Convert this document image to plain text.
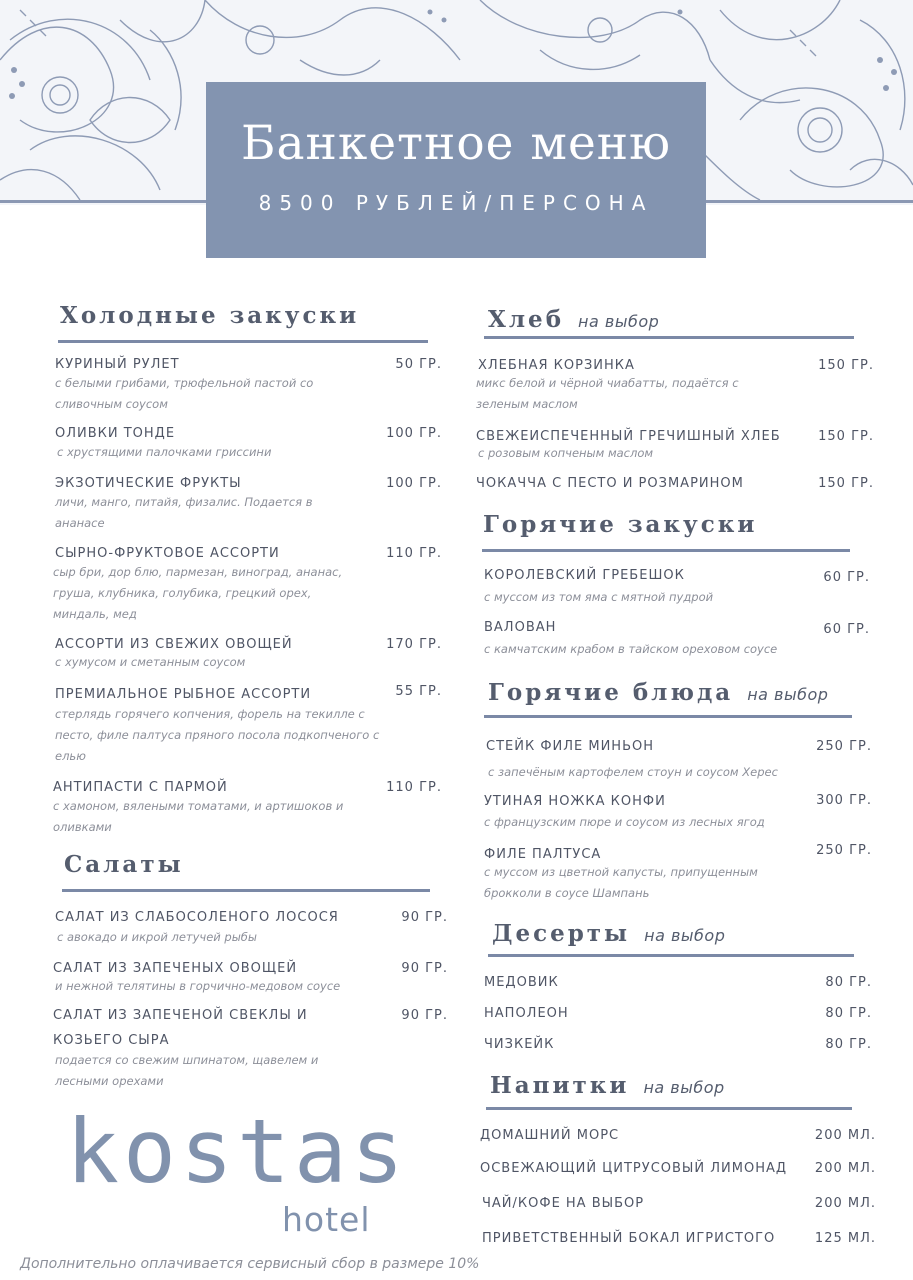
Банкетное меню
8500 РУБЛЕЙ/ПЕРСОНА
Холодные закуски
КУРИНЫЙ РУЛЕТ	50 ГР.
с белыми грибами, трюфельной пастой со сливочным соусом
ОЛИВКИ ТОНДЕ	100 ГР.
с хрустящими палочками гриссини
ЭКЗОТИЧЕСКИЕ ФРУКТЫ	100 ГР.
личи, манго, питайя, физалис. Подается в ананасе
СЫРНО-ФРУКТОВОЕ АССОРТИ	110 ГР.
сыр бри, дор блю, пармезан, виноград, ананас, груша, клубника, голубика, грецкий орех, миндаль, мед
АССОРТИ ИЗ СВЕЖИХ ОВОЩЕЙ	170 ГР.
с хумусом и сметанным соусом
ПРЕМИАЛЬНОЕ РЫБНОЕ АССОРТИ	55 ГР.
стерлядь горячего копчения, форель на текилле с песто, филе палтуса пряного посола подкопченого с елью
АНТИПАСТИ С ПАРМОЙ	110 ГР.
с хамоном, вялеными томатами, и артишоков и оливками
Салаты
САЛАТ ИЗ СЛАБОСОЛЕНОГО ЛОСОСЯ	90 ГР.
с авокадо и икрой летучей рыбы
САЛАТ ИЗ ЗАПЕЧЕНЫХ ОВОЩЕЙ	90 ГР.
и нежной телятины в горчично-медовом соусе
САЛАТ ИЗ ЗАПЕЧЕНОЙ СВЕКЛЫ И
КОЗЬЕГО СЫРА
90 ГР.
подается со свежим шпинатом, щавелем и лесными орехами
kostas
hotel
Хлеб на выбор
ХЛЕБНАЯ КОРЗИНКА	150 ГР.
микс белой и чёрной чиабатты, подаётся с зеленым маслом
СВЕЖЕИСПЕЧЕННЫЙ ГРЕЧИШНЫЙ ХЛЕБ	150 ГР.
с розовым копченым маслом
ЧОКАЧЧА С ПЕСТО И РОЗМАРИНОМ	150 ГР.
Горячие закуски
КОРОЛЕВСКИЙ ГРЕБЕШОК	60 ГР.
с муссом из том яма с мятной пудрой
ВАЛОВАН	60 ГР.
с камчатским крабом в тайском ореховом соусе
Горячие блюда на выбор
СТЕЙК ФИЛЕ МИНЬОН	250 ГР.
с запечёным картофелем стоун и соусом Херес
УТИНАЯ НОЖКА КОНФИ	300 ГР.
с французским пюре и соусом из лесных ягод
ФИЛЕ ПАЛТУСА	250 ГР.
с муссом из цветной капусты, припущенным брокколи в соусе Шампань
Десерты на выбор
МЕДОВИК	80 ГР.
НАПОЛЕОН	80 ГР.
ЧИЗКЕЙК	80 ГР.
Напитки на выбор
ДОМАШНИЙ МОРС	200 МЛ.
ОСВЕЖАЮЩИЙ ЦИТРУСОВЫЙ ЛИМОНАД	200 МЛ.
ЧАЙ/КОФЕ НА ВЫБОР	200 МЛ.
ПРИВЕТСТВЕННЫЙ БОКАЛ ИГРИСТОГО	125 МЛ.
Дополнительно оплачивается сервисный сбор в размере 10%
